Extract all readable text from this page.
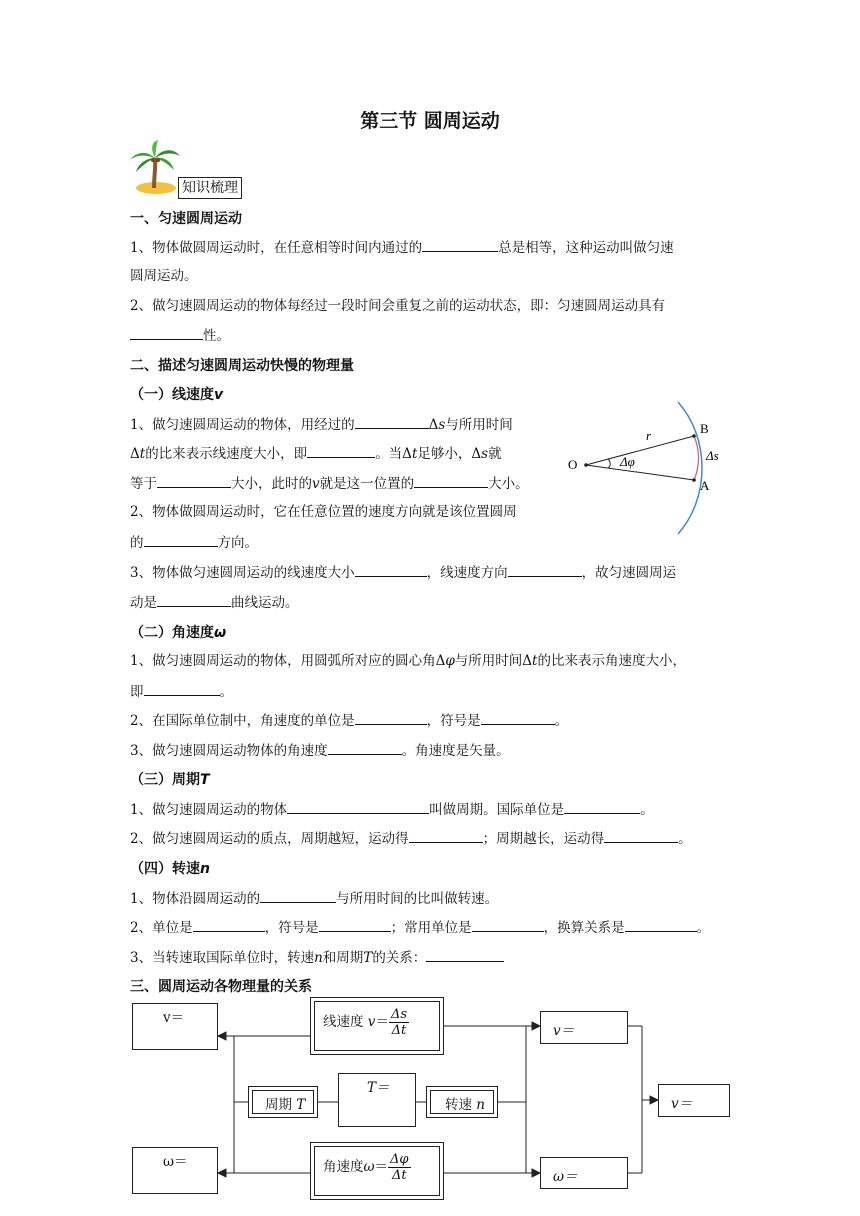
第三节 圆周运动
知识梳理
一、匀速圆周运动
1、物体做圆周运动时，在任意相等时间内通过的	总是相等，这种运动叫做匀速
圆周运动。
2、做匀速圆周运动的物体每经过一段时间会重复之前的运动状态，即：匀速圆周运动具有
性。
二、描述匀速圆周运动快慢的物理量
（一）线速度v
1、做匀速圆周运动的物体，用经过的	Δs与所用时间
Δt的比来表示线速度大小，即	。当Δt足够小，Δs就
等于	大小，此时的v就是这一位置的	大小。
2、物体做圆周运动时，它在任意位置的速度方向就是该位置圆周
的	方向。
3、物体做匀速圆周运动的线速度大小	，线速度方向	，故匀速圆周运
动是	曲线运动。
O
B
A
r
Δφ	Δs
（二）角速度ω
1、做匀速圆周运动的物体，用圆弧所对应的圆心角Δφ与所用时间Δt的比来表示角速度大小，
即	。
2、在国际单位制中，角速度的单位是	，符号是	。
3、做匀速圆周运动物体的角速度	。角速度是矢量。
（三）周期T
1、做匀速圆周运动的物体	叫做周期。国际单位是	。
2、做匀速圆周运动的质点，周期越短，运动得	；周期越长，运动得	。
（四）转速n
1、物体沿圆周运动的	与所用时间的比叫做转速。
2、单位是	，符号是	；常用单位是	，换算关系是	。
3、当转速取国际单位时，转速n和周期T的关系：
三、圆周运动各物理量的关系
v＝
ω＝
线速度 $v= \frac{\Delta s}{\Delta t}$
角速度$\omega= \frac{\Delta\varphi}{\Delta t}$
周期 T
T＝
转速 n
v＝
ω＝
v＝
